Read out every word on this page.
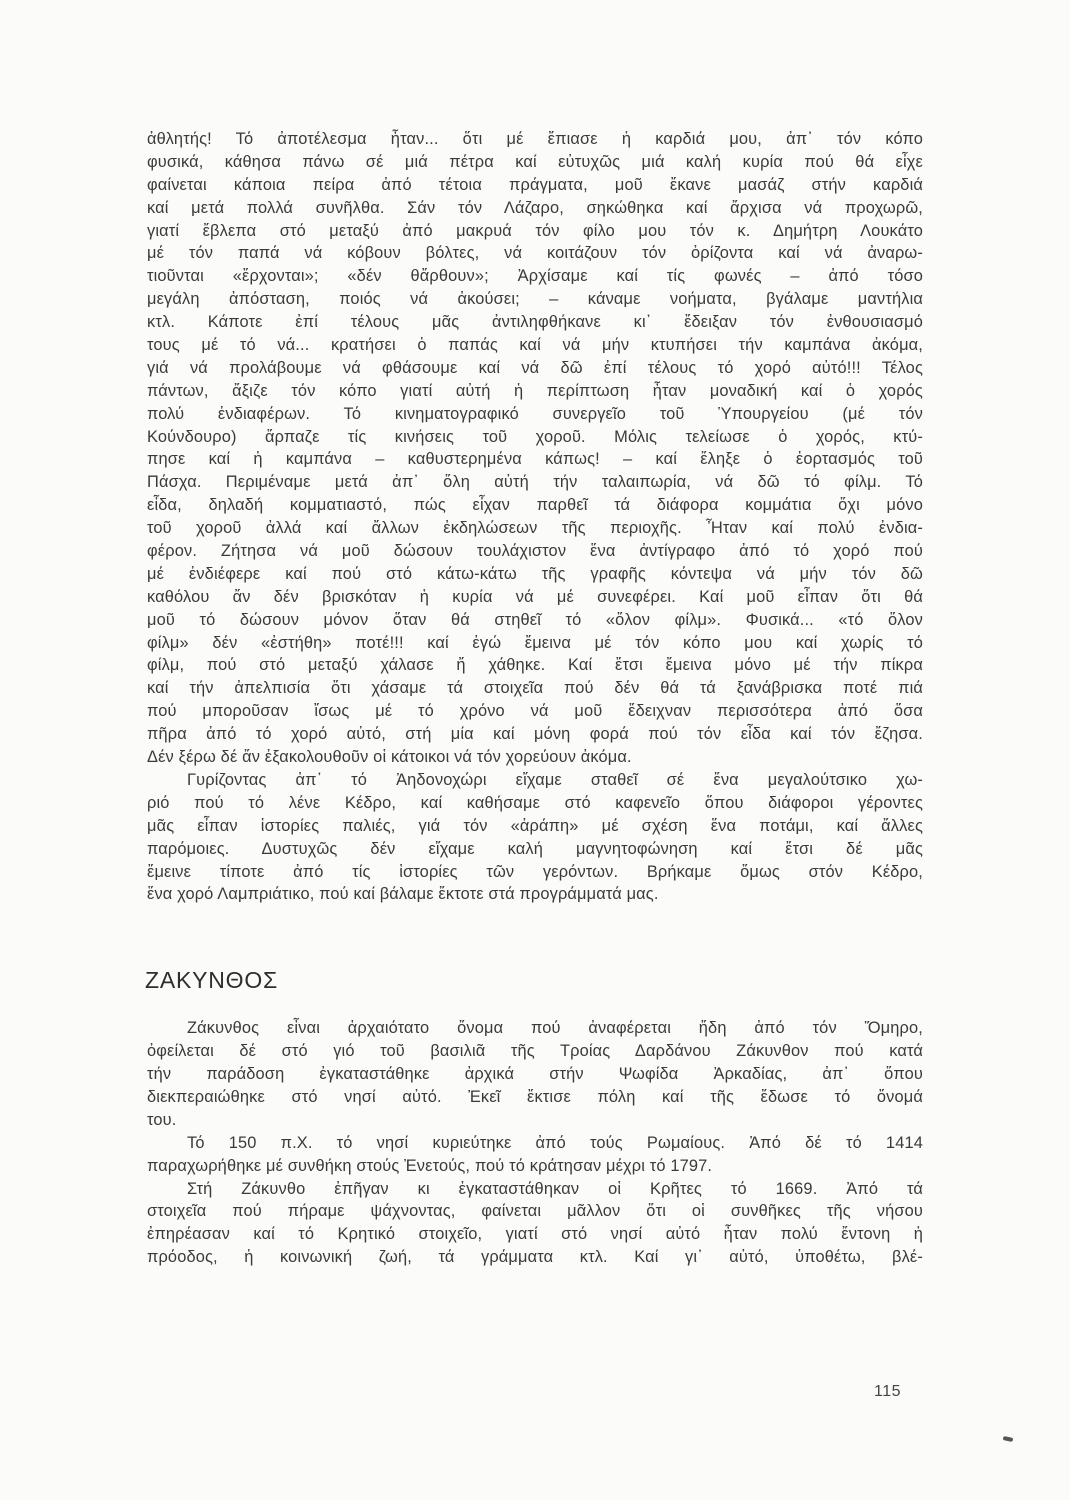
ἀθλητής! Τό ἀποτέλεσμα ἦταν... ὅτι μέ ἔπιασε ἡ καρδιά μου, ἀπ᾽ τόν κόπο
φυσικά, κάθησα πάνω σέ μιά πέτρα καί εὐτυχῶς μιά καλή κυρία πού θά εἶχε
φαίνεται κάποια πείρα ἀπό τέτοια πράγματα, μοῦ ἔκανε μασάζ στήν καρδιά
καί μετά πολλά συνῆλθα. Σάν τόν Λάζαρο, σηκώθηκα καί ἄρχισα νά προχωρῶ,
γιατί ἔβλεπα στό μεταξύ ἀπό μακρυά τόν φίλο μου τόν κ. Δημήτρη Λουκάτο
μέ τόν παπά νά κόβουν βόλτες, νά κοιτάζουν τόν ὁρίζοντα καί νά ἀναρω-
τιοῦνται «ἔρχονται»; «δέν θἄρθουν»; Ἀρχίσαμε καί τίς φωνές – ἀπό τόσο
μεγάλη ἀπόσταση, ποιός νά ἀκούσει; – κάναμε νοήματα, βγάλαμε μαντήλια
κτλ. Κάποτε ἐπί τέλους μᾶς ἀντιληφθήκανε κι᾽ ἔδειξαν τόν ἐνθουσιασμό
τους μέ τό νά... κρατήσει ὁ παπάς καί νά μήν κτυπήσει τήν καμπάνα ἀκόμα,
γιά νά προλάβουμε νά φθάσουμε καί νά δῶ ἐπί τέλους τό χορό αὐτό!!! Τέλος
πάντων, ἄξιζε τόν κόπο γιατί αὐτή ἡ περίπτωση ἦταν μοναδική καί ὁ χορός
πολύ ἐνδιαφέρων. Τό κινηματογραφικό συνεργεῖο τοῦ Ὑπουργείου (μέ τόν
Κούνδουρο) ἅρπαζε τίς κινήσεις τοῦ χοροῦ. Μόλις τελείωσε ὁ χορός, κτύ-
πησε καί ἡ καμπάνα – καθυστερημένα κάπως! – καί ἔληξε ὁ ἑορτασμός τοῦ
Πάσχα. Περιμέναμε μετά ἀπ᾽ ὅλη αὐτή τήν ταλαιπωρία, νά δῶ τό φίλμ. Τό
εἶδα, δηλαδή κομματιαστό, πώς εἶχαν παρθεῖ τά διάφορα κομμάτια ὄχι μόνο
τοῦ χοροῦ ἀλλά καί ἄλλων ἐκδηλώσεων τῆς περιοχῆς. Ἦταν καί πολύ ἐνδια-
φέρον. Ζήτησα νά μοῦ δώσουν τουλάχιστον ἕνα ἀντίγραφο ἀπό τό χορό πού
μέ ἐνδιέφερε καί πού στό κάτω-κάτω τῆς γραφῆς κόντεψα νά μήν τόν δῶ
καθόλου ἄν δέν βρισκόταν ἡ κυρία νά μέ συνεφέρει. Καί μοῦ εἶπαν ὅτι θά
μοῦ τό δώσουν μόνον ὅταν θά στηθεῖ τό «ὅλον φίλμ». Φυσικά... «τό ὅλον
φίλμ» δέν «ἐστήθη» ποτέ!!! καί ἐγώ ἔμεινα μέ τόν κόπο μου καί χωρίς τό
φίλμ, πού στό μεταξύ χάλασε ἤ χάθηκε. Καί ἔτσι ἔμεινα μόνο μέ τήν πίκρα
καί τήν ἀπελπισία ὅτι χάσαμε τά στοιχεῖα πού δέν θά τά ξανάβρισκα ποτέ πιά
πού μποροῦσαν ἴσως μέ τό χρόνο νά μοῦ ἔδειχναν περισσότερα ἀπό ὅσα
πῆρα ἀπό τό χορό αὐτό, στή μία καί μόνη φορά πού τόν εἶδα καί τόν ἔζησα.
Δέν ξέρω δέ ἄν ἐξακολουθοῦν οἱ κάτοικοι νά τόν χορεύουν ἀκόμα.
Γυρίζοντας ἀπ᾽ τό Ἀηδονοχώρι εἴχαμε σταθεῖ σέ ἕνα μεγαλούτσικο χω-
ριό πού τό λένε Κέδρο, καί καθήσαμε στό καφενεῖο ὅπου διάφοροι γέροντες
μᾶς εἶπαν ἱστορίες παλιές, γιά τόν «ἀράπη» μέ σχέση ἕνα ποτάμι, καί ἄλλες
παρόμοιες. Δυστυχῶς δέν εἴχαμε καλή μαγνητοφώνηση καί ἔτσι δέ μᾶς
ἔμεινε τίποτε ἀπό τίς ἱστορίες τῶν γερόντων. Βρήκαμε ὅμως στόν Κέδρο,
ἕνα χορό Λαμπριάτικο, πού καί βάλαμε ἔκτοτε στά προγράμματά μας.
ΖΑΚΥΝΘΟΣ
Ζάκυνθος εἶναι ἀρχαιότατο ὄνομα πού ἀναφέρεται ἤδη ἀπό τόν Ὅμηρο,
ὀφείλεται δέ στό γιό τοῦ βασιλιᾶ τῆς Τροίας Δαρδάνου Ζάκυνθον πού κατά
τήν παράδοση ἐγκαταστάθηκε ἀρχικά στήν Ψωφίδα Ἀρκαδίας, ἀπ᾽ ὅπου
διεκπεραιώθηκε στό νησί αὐτό. Ἐκεῖ ἔκτισε πόλη καί τῆς ἔδωσε τό ὄνομά
του.
Τό 150 π.Χ. τό νησί κυριεύτηκε ἀπό τούς Ρωμαίους. Ἀπό δέ τό 1414
παραχωρήθηκε μέ συνθήκη στούς Ἐνετούς, πού τό κράτησαν μέχρι τό 1797.
Στή Ζάκυνθο ἐπῆγαν κι ἐγκαταστάθηκαν οἱ Κρῆτες τό 1669. Ἀπό τά
στοιχεῖα πού πήραμε ψάχνοντας, φαίνεται μᾶλλον ὅτι οἱ συνθῆκες τῆς νήσου
ἐπηρέασαν καί τό Κρητικό στοιχεῖο, γιατί στό νησί αὐτό ἦταν πολύ ἔντονη ἡ
πρόοδος, ἡ κοινωνική ζωή, τά γράμματα κτλ. Καί γι᾽ αὐτό, ὑποθέτω, βλέ-
115
